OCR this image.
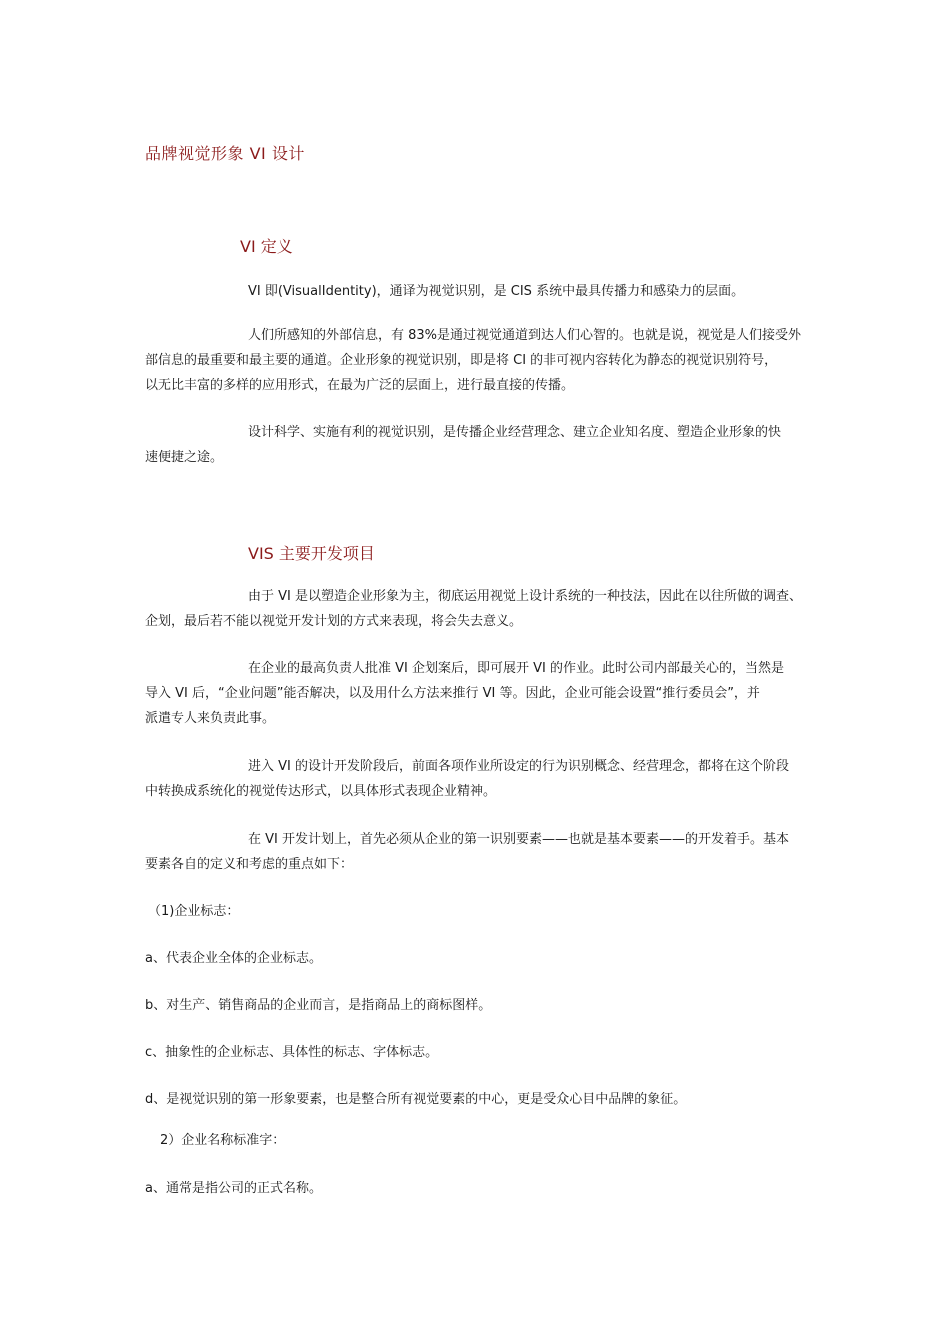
品牌视觉形象 VI 设计
VI 定义
VI 即(VisualIdentity)，通译为视觉识别，是 CIS 系统中最具传播力和感染力的层面。
人们所感知的外部信息，有 83%是通过视觉通道到达人们心智的。也就是说，视觉是人们接受外
部信息的最重要和最主要的通道。企业形象的视觉识别，即是将 CI 的非可视内容转化为静态的视觉识别符号，
以无比丰富的多样的应用形式，在最为广泛的层面上，进行最直接的传播。
设计科学、实施有利的视觉识别，是传播企业经营理念、建立企业知名度、塑造企业形象的快
速便捷之途。
VIS 主要开发项目
由于 VI 是以塑造企业形象为主，彻底运用视觉上设计系统的一种技法，因此在以往所做的调查、
企划，最后若不能以视觉开发计划的方式来表现，将会失去意义。
在企业的最高负责人批准 VI 企划案后，即可展开 VI 的作业。此时公司内部最关心的，当然是
导入 VI 后，“企业问题”能否解决，以及用什么方法来推行 VI 等。因此，企业可能会设置“推行委员会”，并
派遣专人来负责此事。
进入 VI 的设计开发阶段后，前面各项作业所设定的行为识别概念、经营理念，都将在这个阶段
中转换成系统化的视觉传达形式，以具体形式表现企业精神。
在 VI 开发计划上，首先必须从企业的第一识别要素——也就是基本要素——的开发着手。基本
要素各自的定义和考虑的重点如下：
（1)企业标志：
a、代表企业全体的企业标志。
b、对生产、销售商品的企业而言，是指商品上的商标图样。
c、抽象性的企业标志、具体性的标志、字体标志。
d、是视觉识别的第一形象要素，也是整合所有视觉要素的中心，更是受众心目中品牌的象征。
2）企业名称标准字：
a、通常是指公司的正式名称。
